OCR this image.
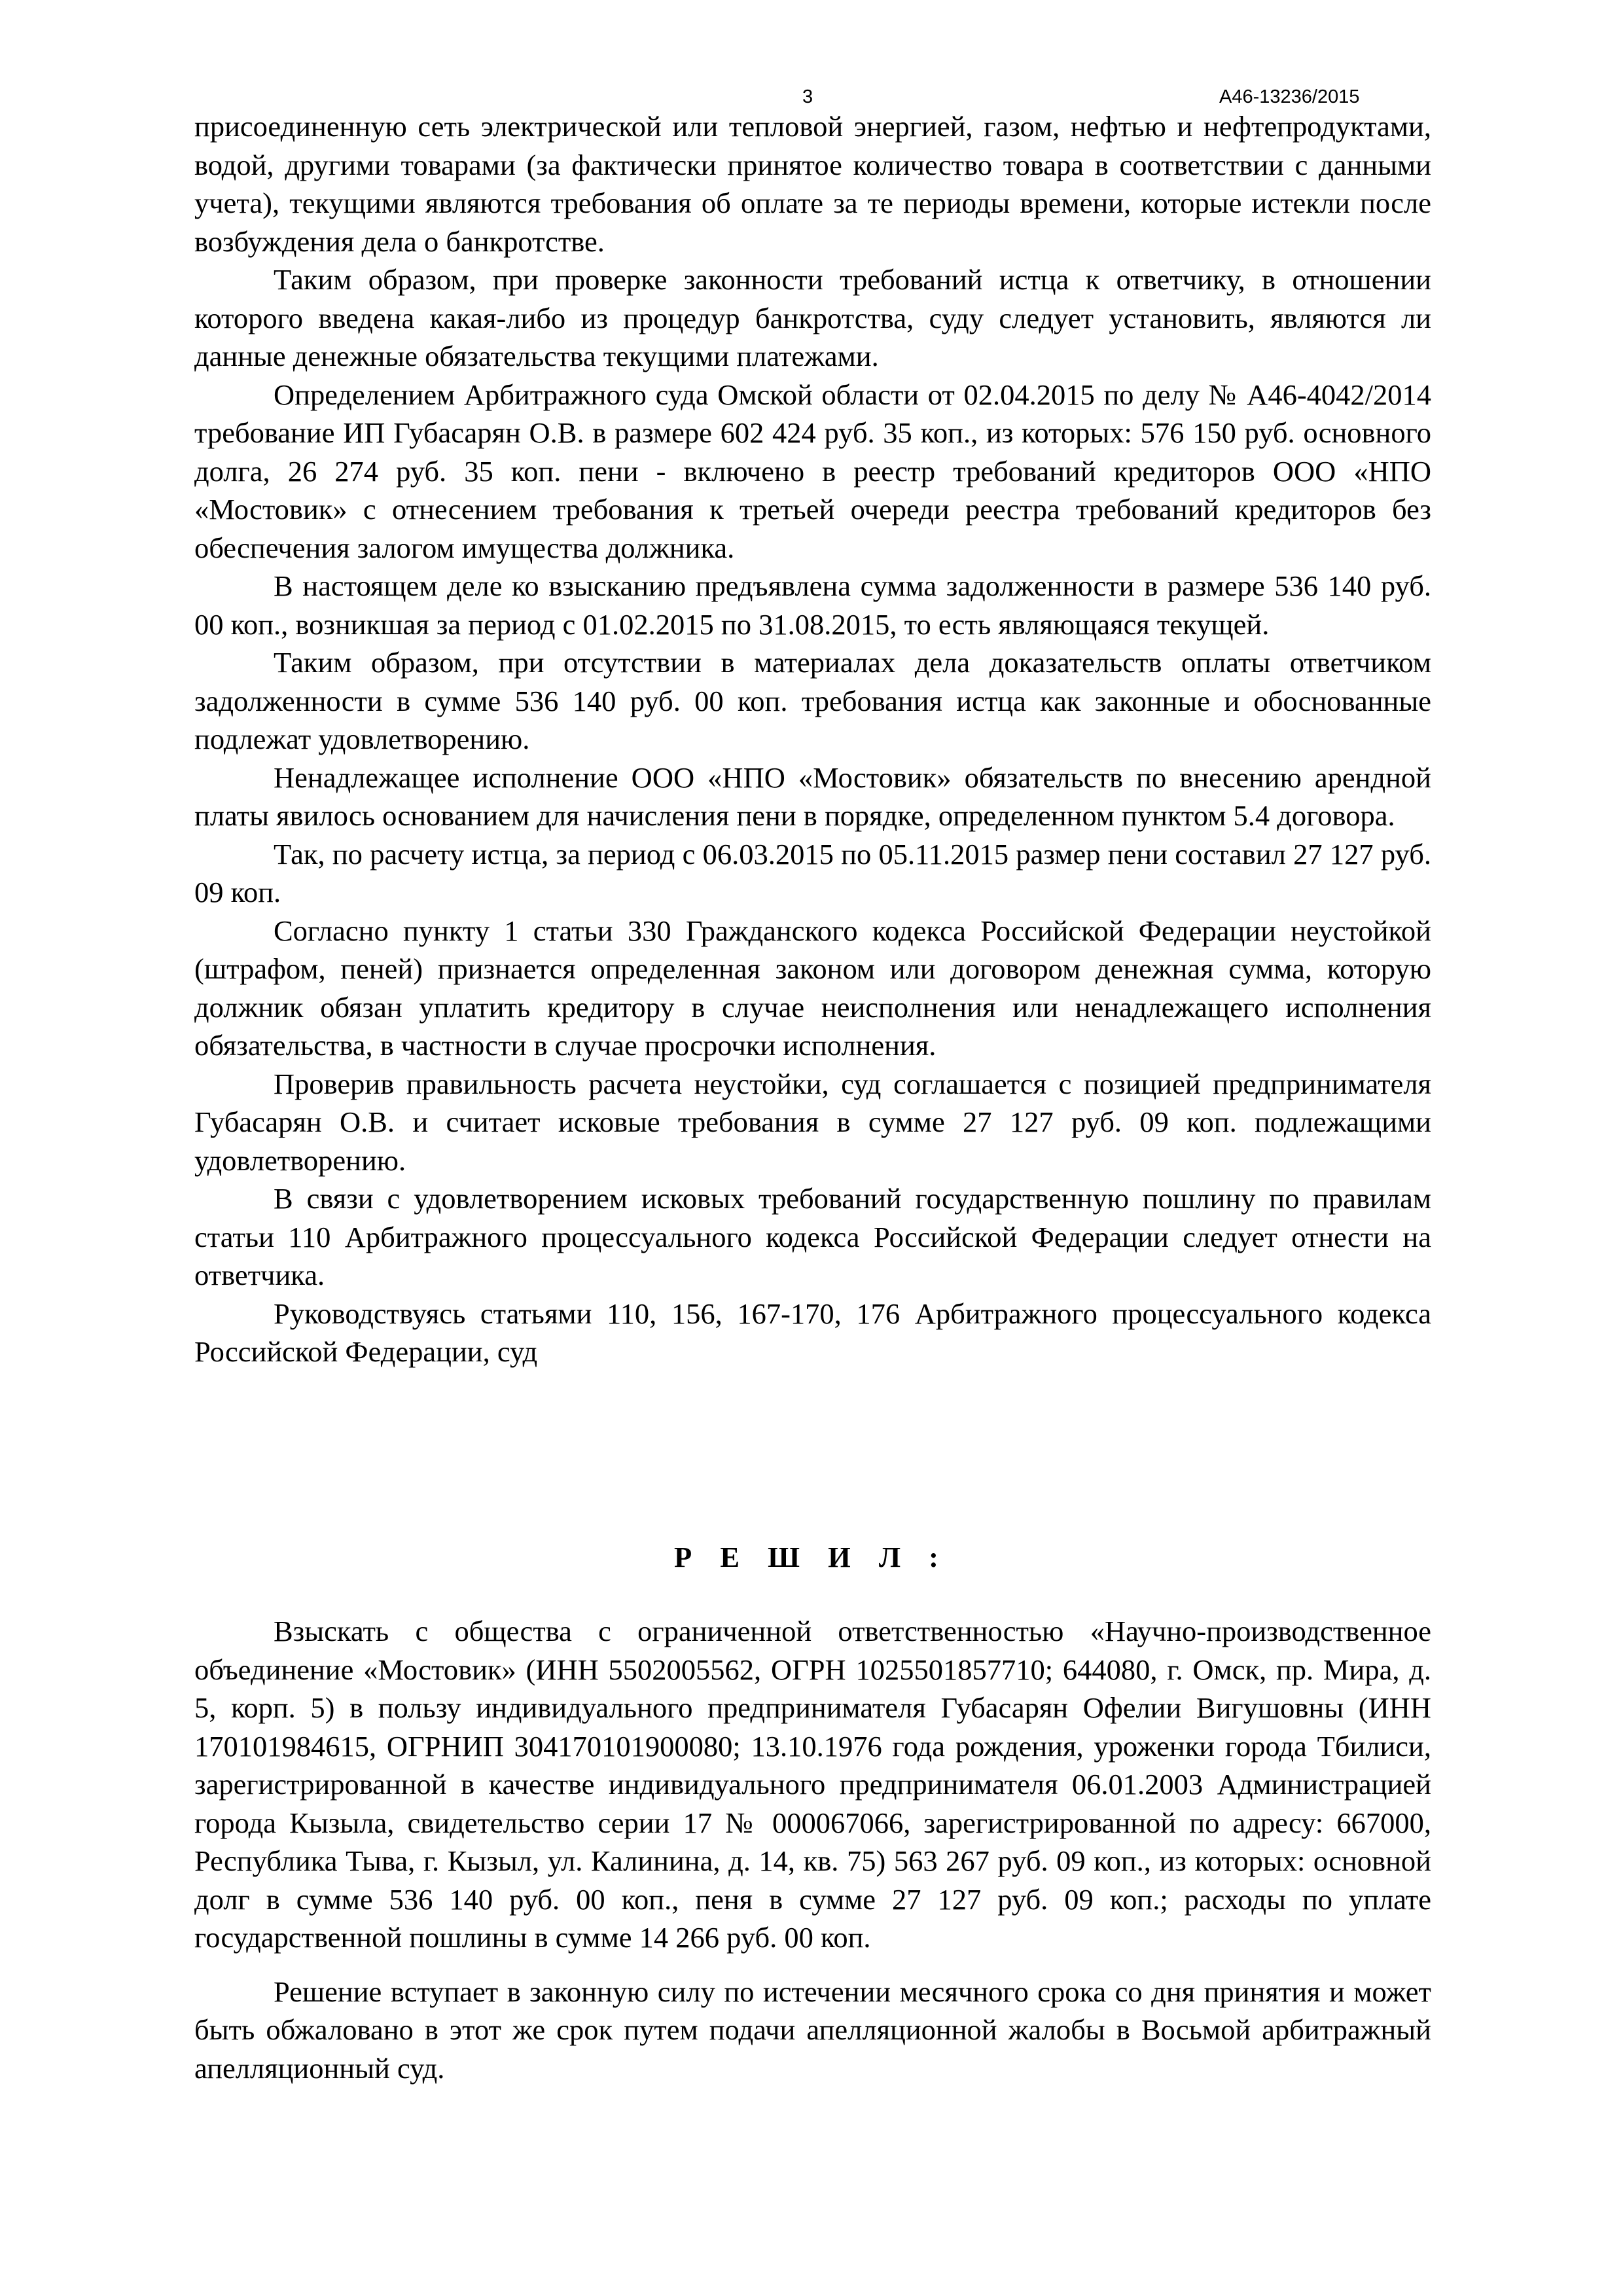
3	А46-13236/2015

присоединенную сеть электрической или тепловой энергией, газом, нефтью и нефтепродуктами, водой, другими товарами (за фактически принятое количество товара в соответствии с данными учета), текущими являются требования об оплате за те периоды времени, которые истекли после возбуждения дела о банкротстве.

Таким образом, при проверке законности требований истца к ответчику, в отношении которого введена какая-либо из процедур банкротства, суду следует установить, являются ли данные денежные обязательства текущими платежами.

Определением Арбитражного суда Омской области от 02.04.2015 по делу № А46-4042/2014 требование ИП Губасарян О.В. в размере 602 424 руб. 35 коп., из которых: 576 150 руб. основного долга, 26 274 руб. 35 коп. пени - включено в реестр требований кредиторов ООО «НПО «Мостовик» с отнесением требования к третьей очереди реестра требований кредиторов без обеспечения залогом имущества должника.

В настоящем деле ко взысканию предъявлена сумма задолженности в размере 536 140 руб. 00 коп., возникшая за период с 01.02.2015 по 31.08.2015, то есть являющаяся текущей.

Таким образом, при отсутствии в материалах дела доказательств оплаты ответчиком задолженности в сумме 536 140 руб. 00 коп. требования истца как законные и обоснованные подлежат удовлетворению.

Ненадлежащее исполнение ООО «НПО «Мостовик» обязательств по внесению арендной платы явилось основанием для начисления пени в порядке, определенном пунктом 5.4 договора.

Так, по расчету истца, за период с 06.03.2015 по 05.11.2015 размер пени составил 27 127 руб. 09 коп.

Согласно пункту 1 статьи 330 Гражданского кодекса Российской Федерации неустойкой (штрафом, пеней) признается определенная законом или договором денежная сумма, которую должник обязан уплатить кредитору в случае неисполнения или ненадлежащего исполнения обязательства, в частности в случае просрочки исполнения.

Проверив правильность расчета неустойки, суд соглашается с позицией предпринимателя Губасарян О.В. и считает исковые требования в сумме 27 127 руб. 09 коп. подлежащими удовлетворению.

В связи с удовлетворением исковых требований государственную пошлину по правилам статьи 110 Арбитражного процессуального кодекса Российской Федерации следует отнести на ответчика.

Руководствуясь статьями 110, 156, 167-170, 176 Арбитражного процессуального кодекса Российской Федерации, суд

Р Е Ш И Л :

Взыскать с общества с ограниченной ответственностью «Научно-производственное объединение «Мостовик» (ИНН 5502005562, ОГРН 1025501857710; 644080, г. Омск, пр. Мира, д. 5, корп. 5) в пользу индивидуального предпринимателя Губасарян Офелии Вигушовны (ИНН 170101984615, ОГРНИП 304170101900080; 13.10.1976 года рождения, уроженки города Тбилиси, зарегистрированной в качестве индивидуального предпринимателя 06.01.2003 Администрацией города Кызыла, свидетельство серии 17 № 000067066, зарегистрированной по адресу: 667000, Республика Тыва, г. Кызыл, ул. Калинина, д. 14, кв. 75) 563 267 руб. 09 коп., из которых: основной долг в сумме 536 140 руб. 00 коп., пеня в сумме 27 127 руб. 09 коп.; расходы по уплате государственной пошлины в сумме 14 266 руб. 00 коп.

Решение вступает в законную силу по истечении месячного срока со дня принятия и может быть обжаловано в этот же срок путем подачи апелляционной жалобы в Восьмой арбитражный апелляционный суд.
